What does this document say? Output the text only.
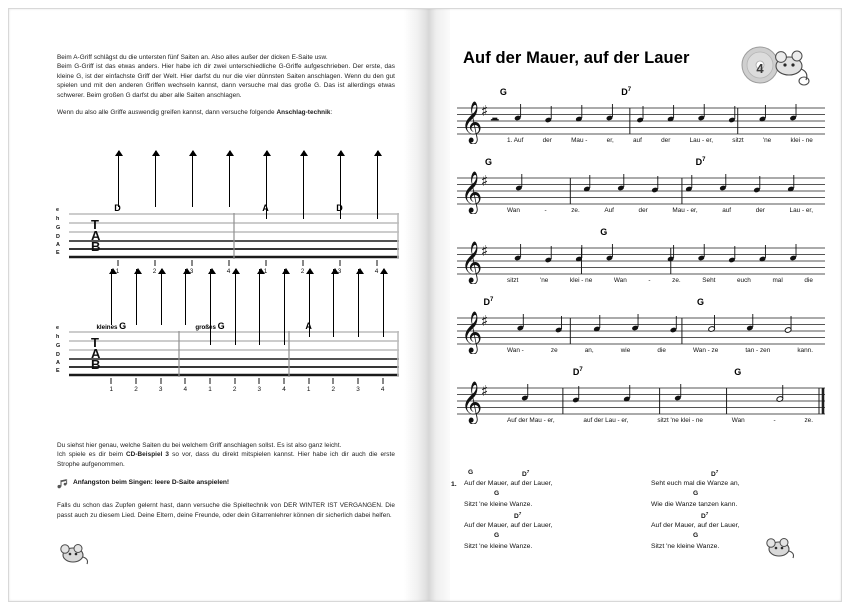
Beim A-Griff schlägst du die untersten fünf Saiten an. Also alles außer der dicken E-Saite usw.
Beim G-Griff ist das etwas anders. Hier habe ich dir zwei unterschiedliche G-Griffe aufgeschrieben. Der erste, das kleine G, ist der einfachste Griff der Welt. Hier darfst du nur die vier dünnsten Saiten anschlagen. Wenn du den gut spielen und mit den anderen Griffen wechseln kannst, dann versuche mal das große G. Das ist allerdings etwas schwerer. Beim großen G darfst du aber alle Saiten anschlagen.
Wenn du also alle Griffe auswendig greifen kannst, dann versuche folgende Anschlag-technik:
D	A	D
e
h
G
D
A
E
T
A
B
1	2	3	4	1	2	3	4
kleines G	großes G	A
e
h
G
D
A
E
T
A
B
1	2	3	4	1	2	3	4	1	2	3	4
Du siehst hier genau, welche Saiten du bei welchem Griff anschlagen sollst. Es ist also ganz leicht.
Ich spiele es dir beim CD-Beispiel 3 so vor, dass du direkt mitspielen kannst. Hier habe ich dir auch die erste Strophe aufgenommen.
Anfangston beim Singen: leere D-Saite anspielen!
Falls du schon das Zupfen gelernt hast, dann versuche die Spieltechnik von DER WINTER IST VERGANGEN. Die passt auch zu diesem Lied. Deine Eltern, deine Freunde, oder dein Gitarrenlehrer können dir sicherlich dabei helfen.
Auf der Mauer, auf der Lauer
4
G	$D^7$
𝄞
♯ 𝄼
1. Auf	der	Mau -	er,	auf	der	Lau - er,	sitzt	'ne	klei - ne
G	$D^7$
𝄞
♯
Wan	-	ze.	Auf	der	Mau - er,	auf	der	Lau - er,
G
𝄞
♯
sitzt	'ne	klei - ne	Wan	-	ze.	Seht	euch	mal	die
$D^7$	G
𝄞
♯
Wan -	ze	an,	wie	die	Wan - ze	tan - zen	kann.
$D^7$	G
𝄞
♯
Auf der Mau - er,	auf der Lau - er,	sitzt 'ne klei - ne	Wan	-	ze.
1.
G	$D^7$
Auf der Mauer, auf der Lauer,
G
Sitzt 'ne kleine Wanze.
$D^7$
Auf der Mauer, auf der Lauer,
G
Sitzt 'ne kleine Wanze.
$D^7$
Seht euch mal die Wanze an,
G
Wie die Wanze tanzen kann.
$D^7$
Auf der Mauer, auf der Lauer,
G
Sitzt 'ne kleine Wanze.
